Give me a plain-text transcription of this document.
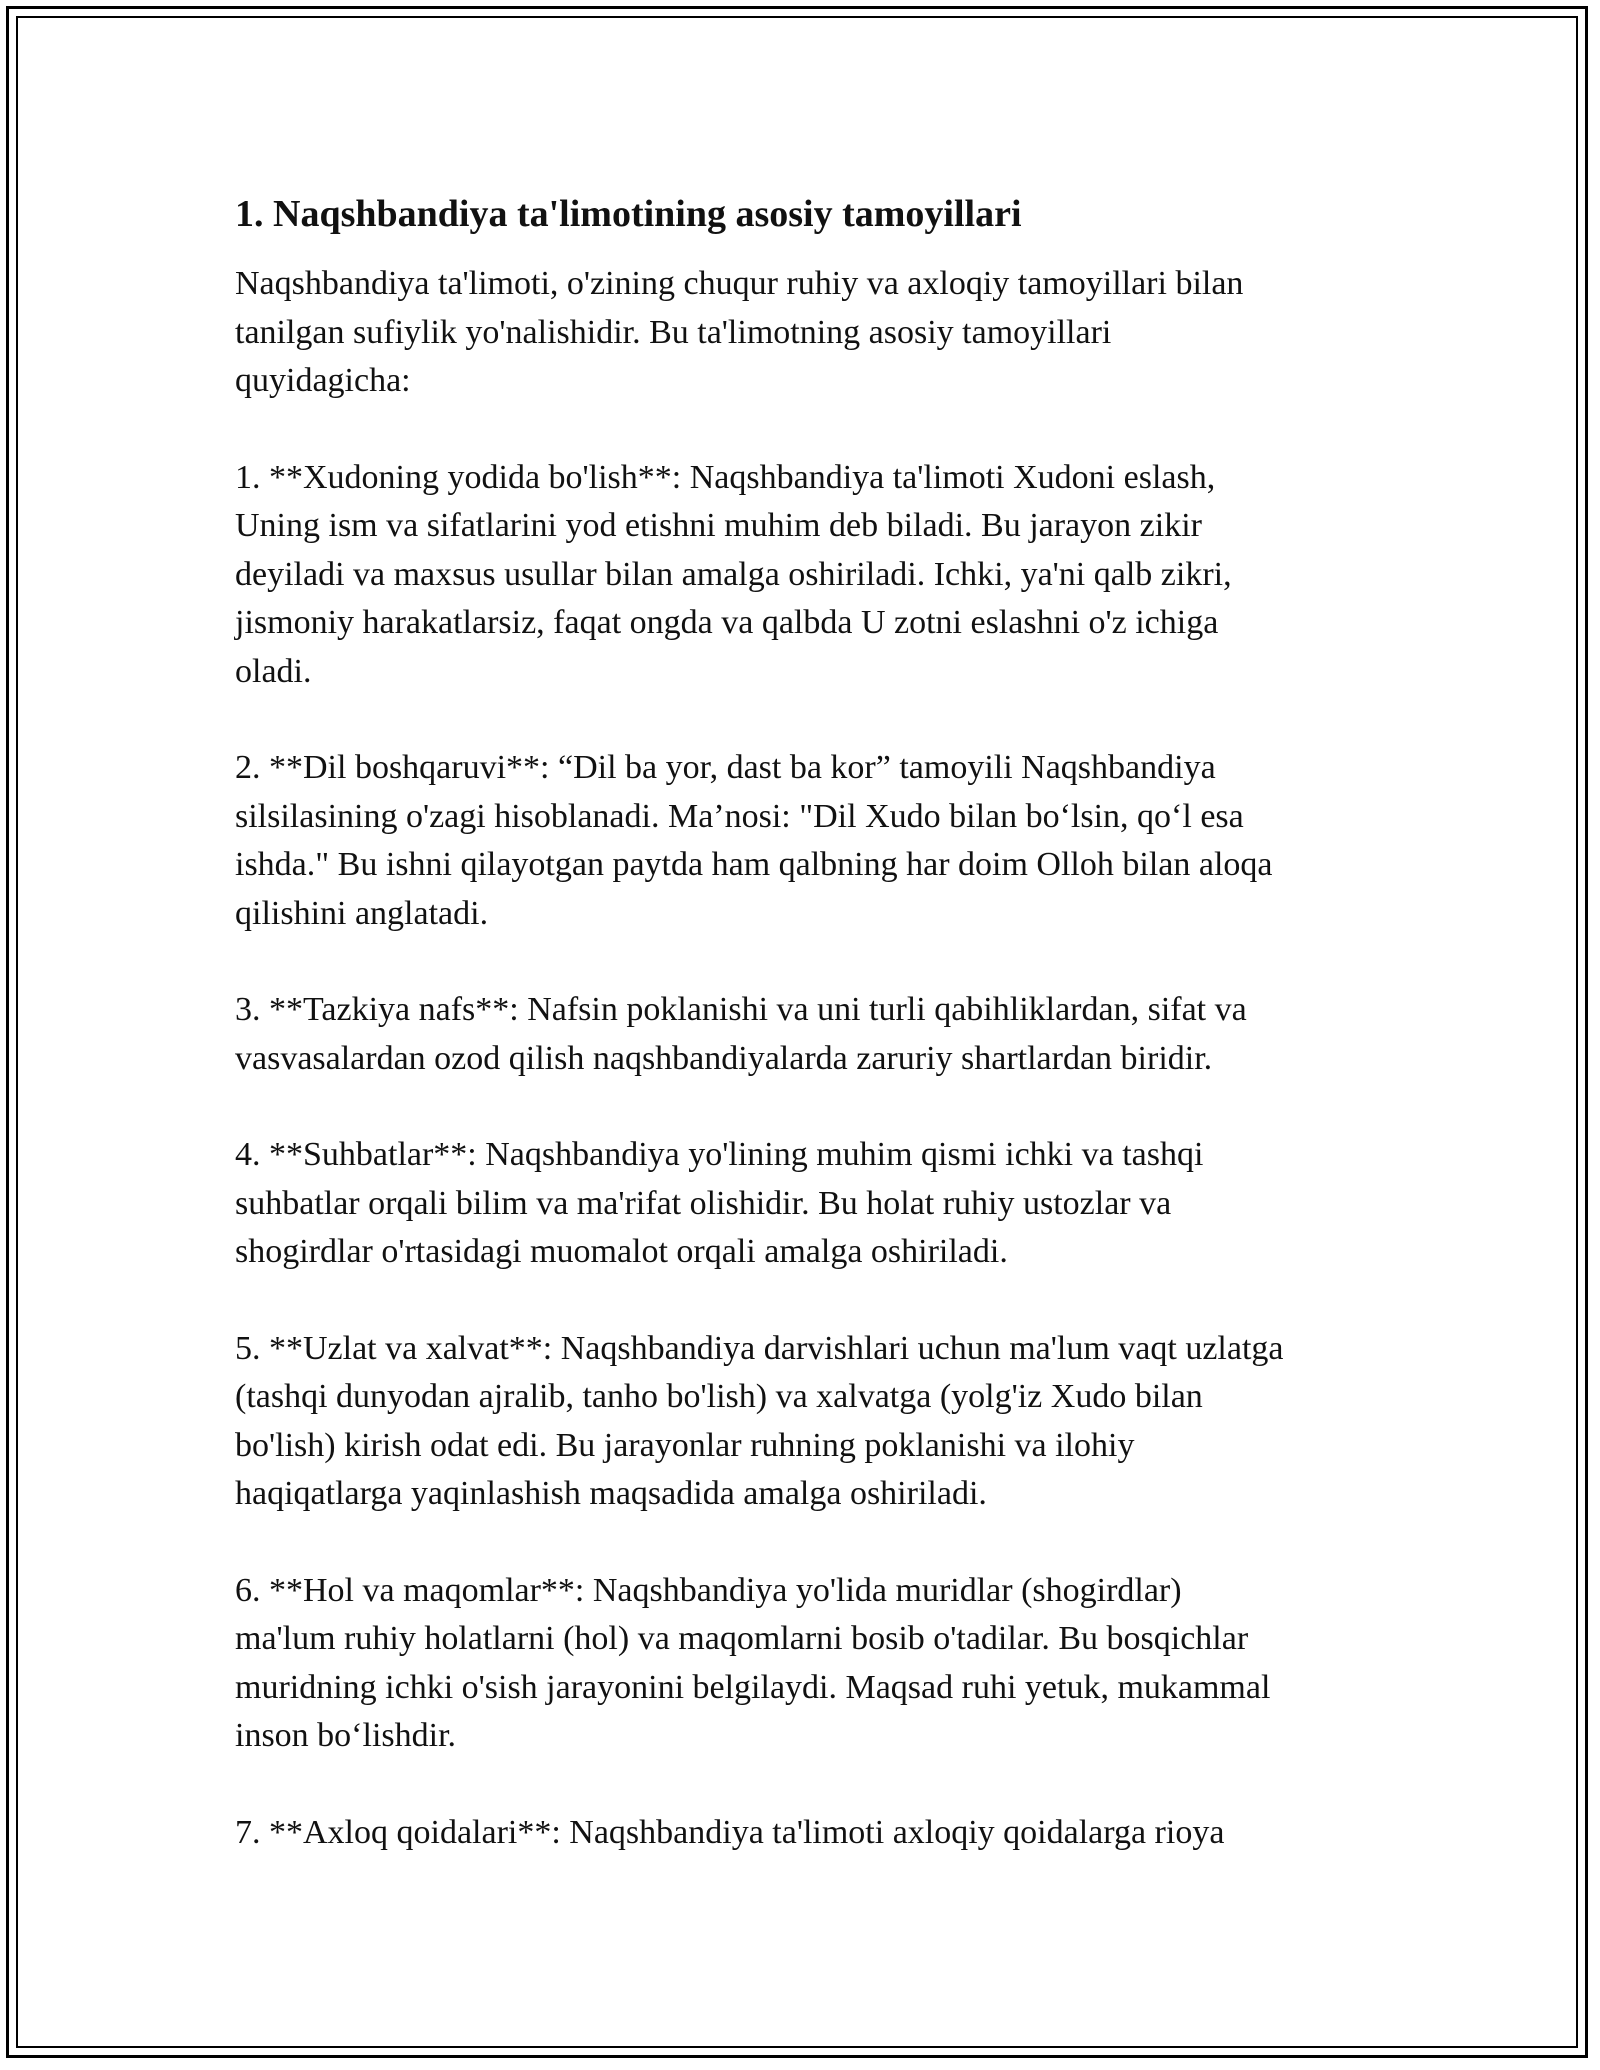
1. Naqshbandiya ta'limotining asosiy tamoyillari

Naqshbandiya ta'limoti, o'zining chuqur ruhiy va axloqiy tamoyillari bilan
tanilgan sufiylik yo'nalishidir. Bu ta'limotning asosiy tamoyillari
quyidagicha:

1. **Xudoning yodida bo'lish**: Naqshbandiya ta'limoti Xudoni eslash,
Uning ism va sifatlarini yod etishni muhim deb biladi. Bu jarayon zikir
deyiladi va maxsus usullar bilan amalga oshiriladi. Ichki, ya'ni qalb zikri,
jismoniy harakatlarsiz, faqat ongda va qalbda U zotni eslashni o'z ichiga
oladi.

2. **Dil boshqaruvi**: “Dil ba yor, dast ba kor” tamoyili Naqshbandiya
silsilasining o'zagi hisoblanadi. Ma’nosi: "Dil Xudo bilan bo‘lsin, qo‘l esa
ishda." Bu ishni qilayotgan paytda ham qalbning har doim Olloh bilan aloqa
qilishini anglatadi.

3. **Tazkiya nafs**: Nafsin poklanishi va uni turli qabihliklardan, sifat va
vasvasalardan ozod qilish naqshbandiyalarda zaruriy shartlardan biridir.

4. **Suhbatlar**: Naqshbandiya yo'lining muhim qismi ichki va tashqi
suhbatlar orqali bilim va ma'rifat olishidir. Bu holat ruhiy ustozlar va
shogirdlar o'rtasidagi muomalot orqali amalga oshiriladi.

5. **Uzlat va xalvat**: Naqshbandiya darvishlari uchun ma'lum vaqt uzlatga
(tashqi dunyodan ajralib, tanho bo'lish) va xalvatga (yolg'iz Xudo bilan
bo'lish) kirish odat edi. Bu jarayonlar ruhning poklanishi va ilohiy
haqiqatlarga yaqinlashish maqsadida amalga oshiriladi.

6. **Hol va maqomlar**: Naqshbandiya yo'lida muridlar (shogirdlar)
ma'lum ruhiy holatlarni (hol) va maqomlarni bosib o'tadilar. Bu bosqichlar
muridning ichki o'sish jarayonini belgilaydi. Maqsad ruhi yetuk, mukammal
inson bo‘lishdir.

7. **Axloq qoidalari**: Naqshbandiya ta'limoti axloqiy qoidalarga rioya
